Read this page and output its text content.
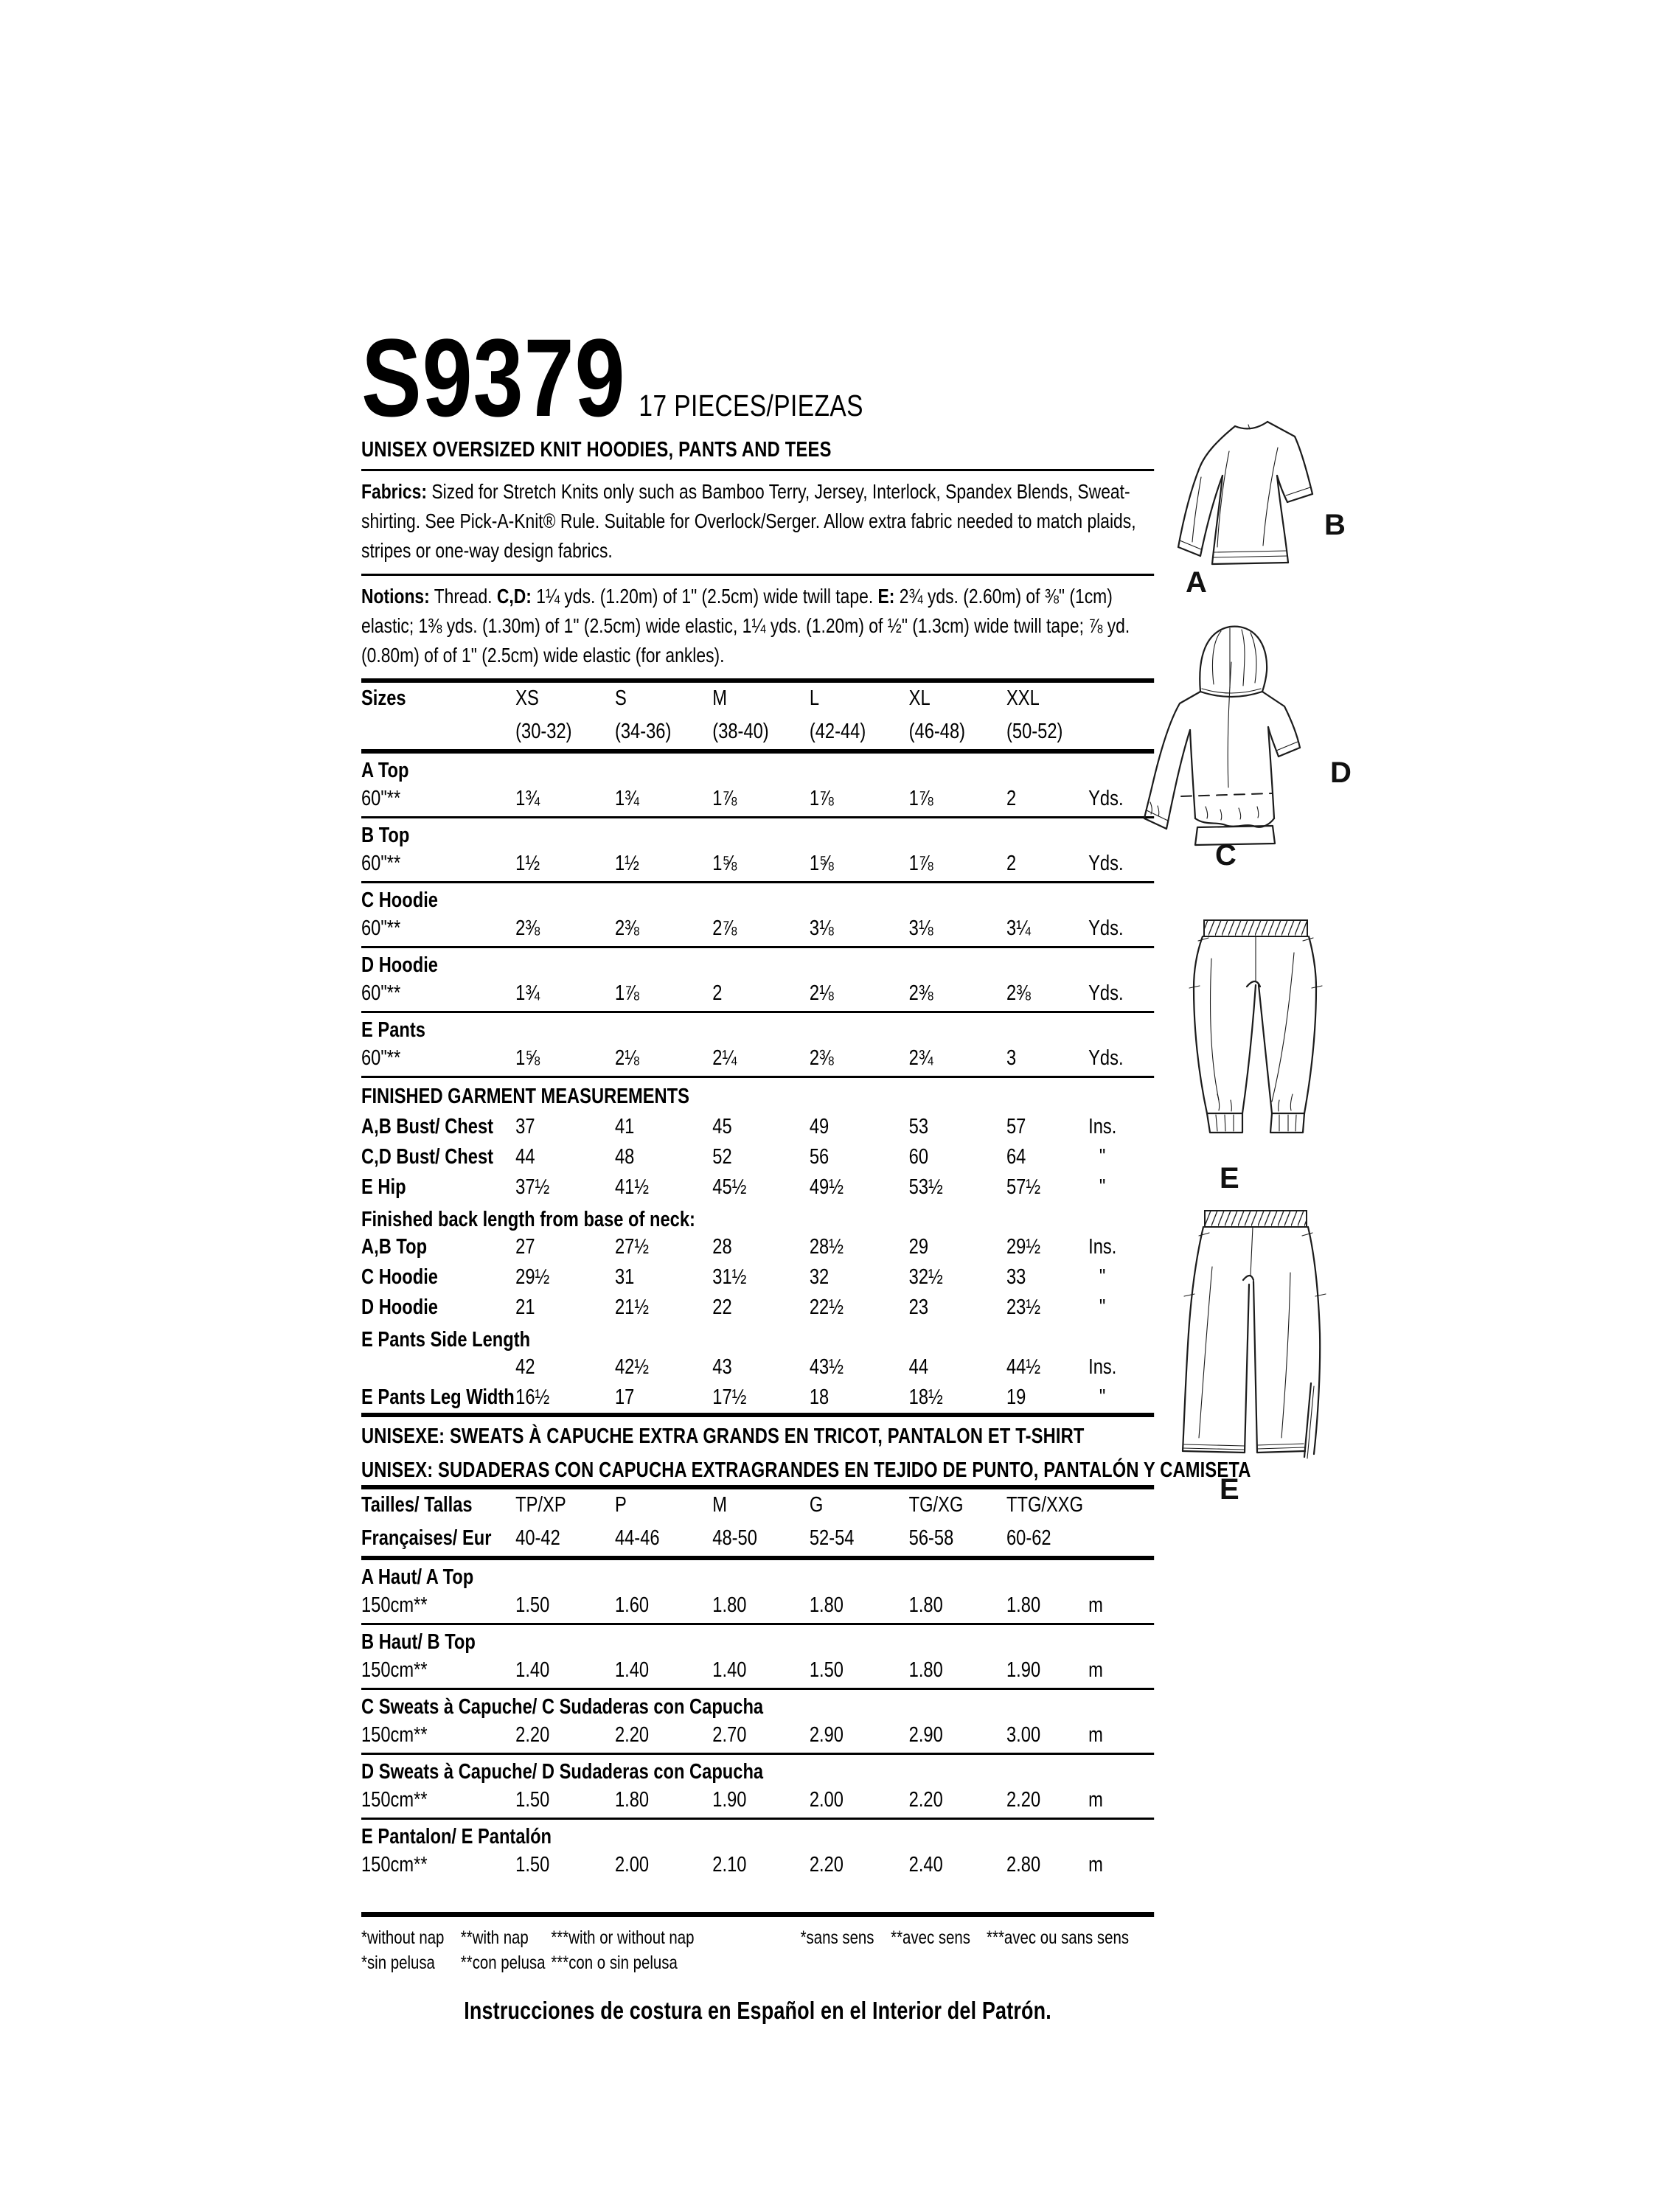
S9379 17 PIECES/PIEZAS
UNISEX OVERSIZED KNIT HOODIES, PANTS AND TEES

Fabrics: Sized for Stretch Knits only such as Bamboo Terry, Jersey, Interlock, Spandex Blends, Sweat-shirting. See Pick-A-Knit® Rule. Suitable for Overlock/Serger. Allow extra fabric needed to match plaids, stripes or one-way design fabrics.

Notions: Thread. C,D: 1¼ yds. (1.20m) of 1" (2.5cm) wide twill tape. E: 2¾ yds. (2.60m) of ⅜" (1cm) elastic; 1⅜ yds. (1.30m) of 1" (2.5cm) wide elastic, 1¼ yds. (1.20m) of ½" (1.3cm) wide twill tape; ⅞ yd. (0.80m) of of 1" (2.5cm) wide elastic (for ankles).

Sizes	XS	S	M	L	XL	XXL
(30-32)	(34-36)	(38-40)	(42-44)	(46-48)	(50-52)
A Top
60"**	1¾	1¾	1⅞	1⅞	1⅞	2	Yds.
B Top
60"**	1½	1½	1⅝	1⅝	1⅞	2	Yds.
C Hoodie
60"**	2⅜	2⅜	2⅞	3⅛	3⅛	3¼	Yds.
D Hoodie
60"**	1¾	1⅞	2	2⅛	2⅜	2⅜	Yds.
E Pants
60"**	1⅝	2⅛	2¼	2⅜	2¾	3	Yds.
FINISHED GARMENT MEASUREMENTS
A,B Bust/ Chest	37	41	45	49	53	57	Ins.
C,D Bust/ Chest	44	48	52	56	60	64	"
E Hip	37½	41½	45½	49½	53½	57½	"
Finished back length from base of neck:
A,B Top	27	27½	28	28½	29	29½	Ins.
C Hoodie	29½	31	31½	32	32½	33	"
D Hoodie	21	21½	22	22½	23	23½	"
E Pants Side Length
42	42½	43	43½	44	44½	Ins.
E Pants Leg Width 16½	17	17½	18	18½	19	"
UNISEXE: SWEATS À CAPUCHE EXTRA GRANDS EN TRICOT, PANTALON ET T-SHIRT
UNISEX: SUDADERAS CON CAPUCHA EXTRAGRANDES EN TEJIDO DE PUNTO, PANTALÓN Y CAMISETA
Tailles/ Tallas	TP/XP	P	M	G	TG/XG	TTG/XXG
Françaises/ Eur	40-42	44-46	48-50	52-54	56-58	60-62
A Haut/ A Top
150cm**	1.50	1.60	1.80	1.80	1.80	1.80	m
B Haut/ B Top
150cm**	1.40	1.40	1.40	1.50	1.80	1.90	m
C Sweats à Capuche/ C Sudaderas con Capucha
150cm**	2.20	2.20	2.70	2.90	2.90	3.00	m
D Sweats à Capuche/ D Sudaderas con Capucha
150cm**	1.50	1.80	1.90	2.00	2.20	2.20	m
E Pantalon/ E Pantalón
150cm**	1.50	2.00	2.10	2.20	2.40	2.80	m
*without nap **with nap ***with or without nap	*sans sens **avec sens ***avec ou sans sens
*sin pelusa **con pelusa ***con o sin pelusa
Instrucciones de costura en Español en el Interior del Patrón.
A
B
C
D
E
E
